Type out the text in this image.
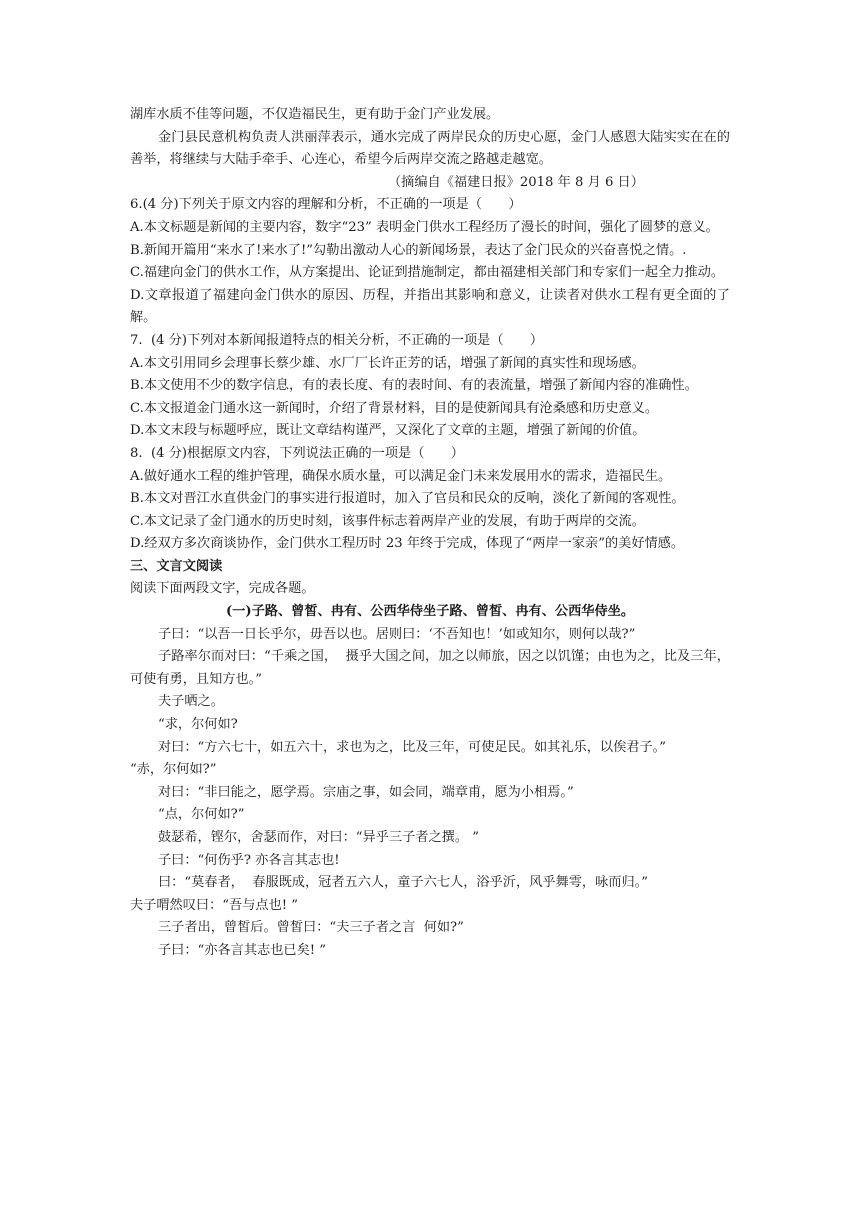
湖库水质不佳等问题，不仅造福民生，更有助于金门产业发展。

金门县民意机构负责人洪丽萍表示，通水完成了两岸民众的历史心愿，金门人感恩大陆实实在在的善举，将继续与大陆手牵手、心连心，希望今后两岸交流之路越走越宽。

（摘编自《福建日报》2018 年 8 月 6 日）

6.(4 分)下列关于原文内容的理解和分析，不正确的一项是（　　）

A.本文标题是新闻的主要内容，数字“23” 表明金门供水工程经历了漫长的时间，强化了圆梦的意义。

B.新闻开篇用“来水了!来水了!”勾勒出激动人心的新闻场景，表达了金门民众的兴奋喜悦之情。.

C.福建向金门的供水工作，从方案提出、论证到措施制定，都由福建相关部门和专家们一起全力推动。

D.文章报道了福建向金门供水的原因、历程，并指出其影响和意义，让读者对供水工程有更全面的了解。

7.  (4 分)下列对本新闻报道特点的相关分析，不正确的一项是（　　）

A.本文引用同乡会理事长蔡少雄、水厂厂长许正芳的话，增强了新闻的真实性和现场感。

B.本文使用不少的数字信息，有的表长度、有的表时间、有的表流量，增强了新闻内容的准确性。

C.本文报道金门通水这一新闻时，介绍了背景材料，目的是使新闻具有沧桑感和历史意义。

D.本文末段与标题呼应，既让文章结构谨严，又深化了文章的主题，增强了新闻的价值。

8.  (4 分)根据原文内容，下列说法正确的一项是（　　）

A.做好通水工程的维护管理，确保水质水量，可以满足金门未来发展用水的需求，造福民生。

B.本文对晋江水直供金门的事实进行报道时，加入了官员和民众的反响，淡化了新闻的客观性。

C.本文记录了金门通水的历史时刻，该事件标志着两岸产业的发展，有助于两岸的交流。

D.经双方多次商谈协作，金门供水工程历时 23 年终于完成，体现了“两岸一家亲”的美好情感。

三、文言文阅读

阅读下面两段文字，完成各题。

(一)子路、曾皙、冉有、公西华侍坐子路、曾皙、冉有、公西华侍坐。

子曰：“以吾一日长乎尔，毋吾以也。居则曰：‘不吾知也！’如或知尔，则何以哉?”

子路率尔而对曰：“千乘之国，  摄乎大国之间，加之以师旅，因之以饥馑；由也为之，比及三年，可使有勇，且知方也。”

夫子哂之。

“求，尔何如?

对曰：“方六七十，如五六十，求也为之，比及三年，可使足民。如其礼乐，以俟君子。”

“赤，尔何如?”

对曰：“非曰能之，愿学焉。宗庙之事，如会同，端章甫，愿为小相焉。”

“点，尔何如?”

鼓瑟希，铿尔，舍瑟而作，对曰：“异乎三子者之撰。 ”

子曰：“何伤乎? 亦各言其志也!

曰：“莫春者，  春服既成，冠者五六人，童子六七人，浴乎沂，风乎舞雩，咏而归。”

夫子喟然叹曰：“吾与点也! ”

三子者出，曾皙后。曾皙曰：“夫三子者之言  何如?”

子曰：“亦各言其志也已矣! ”
